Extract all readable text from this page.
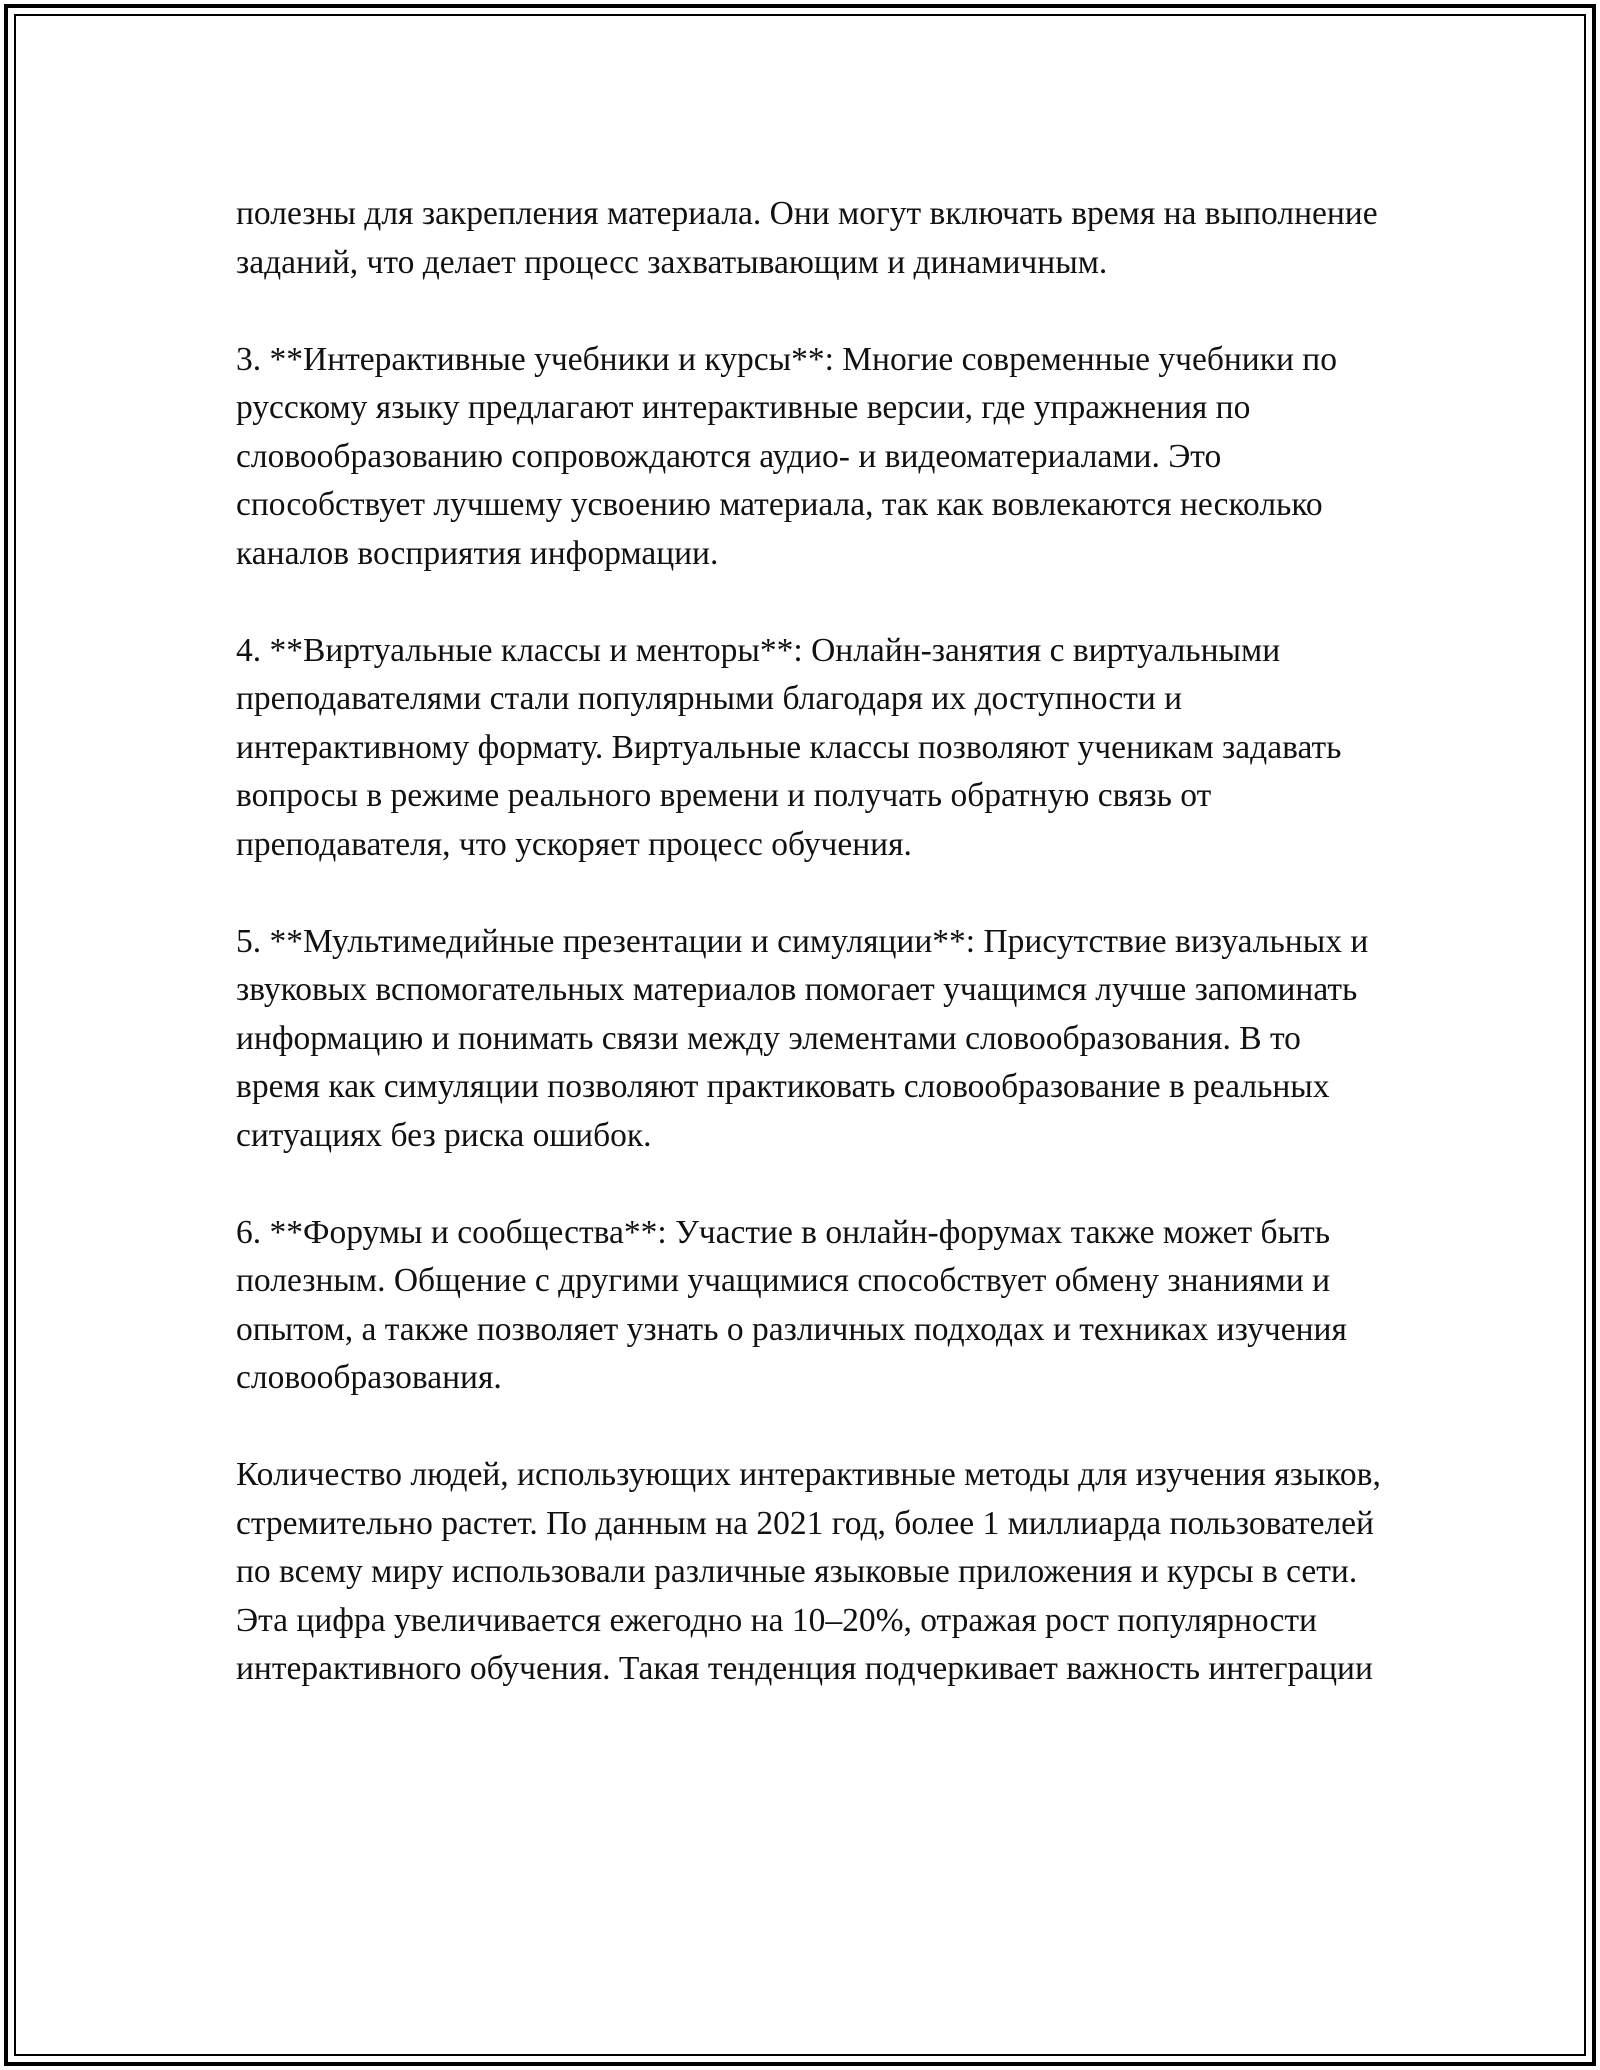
полезны для закрепления материала. Они могут включать время на выполнение заданий, что делает процесс захватывающим и динамичным.

3. **Интерактивные учебники и курсы**: Многие современные учебники по русскому языку предлагают интерактивные версии, где упражнения по словообразованию сопровождаются аудио- и видеоматериалами. Это способствует лучшему усвоению материала, так как вовлекаются несколько каналов восприятия информации.

4. **Виртуальные классы и менторы**: Онлайн-занятия с виртуальными преподавателями стали популярными благодаря их доступности и интерактивному формату. Виртуальные классы позволяют ученикам задавать вопросы в режиме реального времени и получать обратную связь от преподавателя, что ускоряет процесс обучения.

5. **Мультимедийные презентации и симуляции**: Присутствие визуальных и звуковых вспомогательных материалов помогает учащимся лучше запоминать информацию и понимать связи между элементами словообразования. В то время как симуляции позволяют практиковать словообразование в реальных ситуациях без риска ошибок.

6. **Форумы и сообщества**: Участие в онлайн-форумах также может быть полезным. Общение с другими учащимися способствует обмену знаниями и опытом, а также позволяет узнать о различных подходах и техниках изучения словообразования.

Количество людей, использующих интерактивные методы для изучения языков, стремительно растет. По данным на 2021 год, более 1 миллиарда пользователей по всему миру использовали различные языковые приложения и курсы в сети. Эта цифра увеличивается ежегодно на 10–20%, отражая рост популярности интерактивного обучения. Такая тенденция подчеркивает важность интеграции
